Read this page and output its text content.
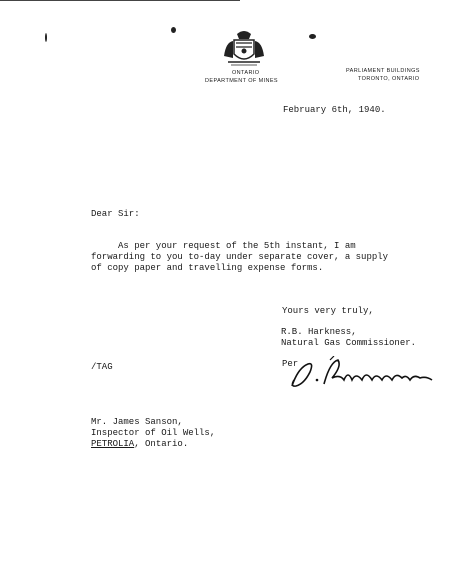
ONTARIO
DEPARTMENT OF MINES
PARLIAMENT BUILDINGS
TORONTO, ONTARIO
February 6th, 1940.
Dear Sir:
As per your request of the 5th instant, I am
forwarding to you to-day under separate cover, a supply
of copy paper and travelling expense forms.
Yours very truly,
R.B. Harkness,
Natural Gas Commissioner.
Per
/TAG
Mr. James Sanson,
Inspector of Oil Wells,
PETROLIA, Ontario.
